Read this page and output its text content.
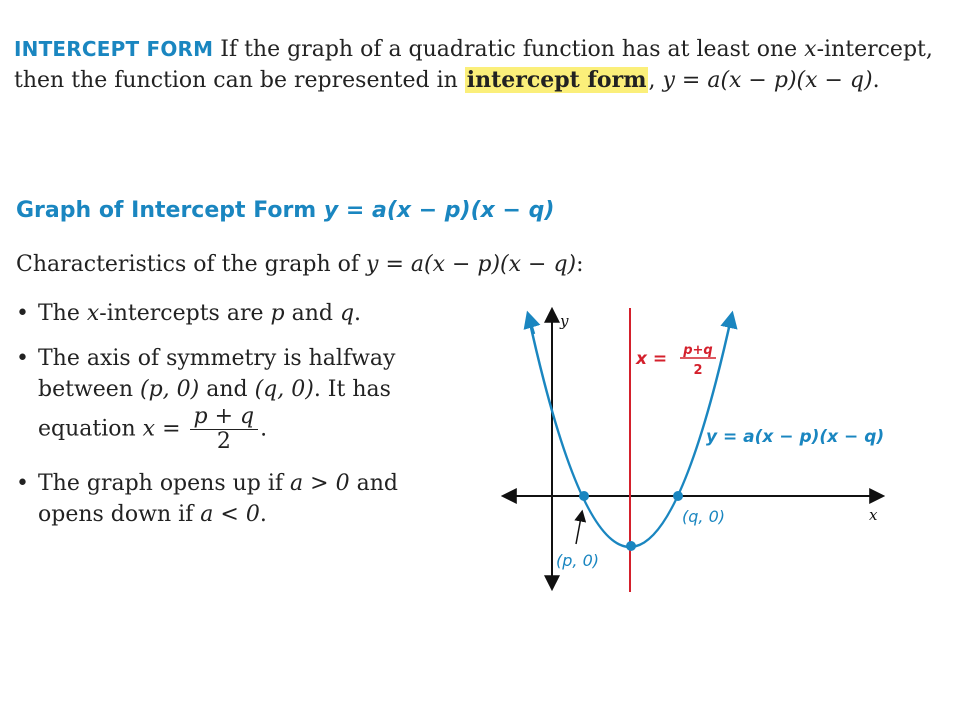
INTERCEPT FORM If the graph of a quadratic function has at least one x-intercept,
then the function can be represented in intercept form, y = a(x − p)(x − q).
Graph of Intercept Form y = a(x − p)(x − q)
Characteristics of the graph of y = a(x − p)(x − q):
• The x-intercepts are p and q.
• The axis of symmetry is halfway
between (p, 0) and (q, 0). It has
equation $x = \frac{p + q}{2}$ .
• The graph opens up if a > 0 and
opens down if a < 0.
y
x
x = p+q
2
y = a(x − p)(x − q)
(p, 0)
(q, 0)
